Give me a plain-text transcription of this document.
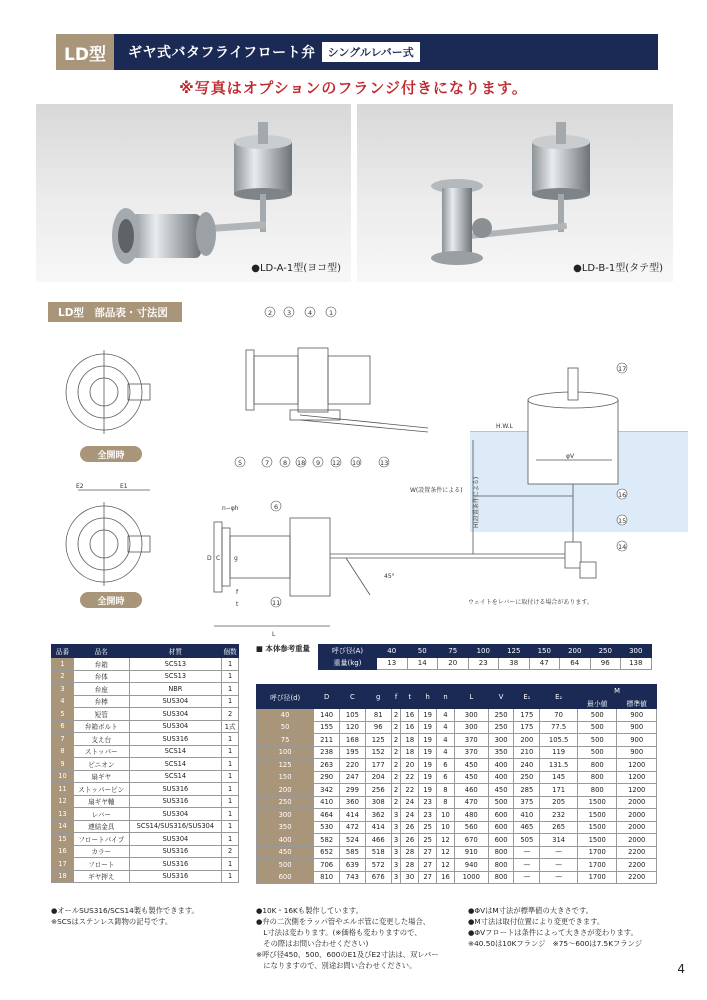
LD型	ギヤ式バタフライフロート弁	シングルレバー式
※写真はオプションのフランジ付きになります。
●LD-A-1型(ヨコ型)	●LD-B-1型(タテ型)
LD型　部品表・寸法図
E2	E1
n−φh
D C g
f
t
L
45°
W(設置条件による) H(設置条件による)
H.W.L
φV
ウェイトをレバーに取付ける場合があります。
2 3	4	1
5	7 8 18 9 12 10	13
17
16
15
14
6
11
全開時
全開時
品番	品名	材質	個数
1	弁箱	SCS13	1
2	弁体	SCS13	1
3	弁座	NBR	1
4	弁棒	SUS304	1
5	短管	SUS304	2
6	弁箱ボルト	SUS304	1式
7	支え台	SUS316	1
8	ストッパー	SCS14	1
9	ピニオン	SCS14	1
10	扇ギヤ	SCS14	1
11	ストッパーピン	SUS316	1
12	扇ギヤ軸	SUS316	1
13	レバー	SUS304	1
14	連結金具	SCS14/SUS316/SUS304	1
15	フロートパイプ	SUS304	1
16	カラー	SUS316	2
17	フロート	SUS316	1
18	ギヤ押え	SUS316	1
●オールSUS316/SCS14製も製作できます。
※SCSはステンレス鋳物の記号です。
■ 本体参考重量	呼び径(A)	40	50	75	100	125	150	200	250	300
重量(kg)	13	14	20	23	38	47	64	96	138
呼び径(d)	D	C	g	f	t	h	n	L	V	E₁	E₂	M	
												最小値	標準値
40	140	105	81	2	16	19	4	300	250	175	70	500	900
50	155	120	96	2	16	19	4	300	250	175	77.5	500	900
75	211	168	125	2	18	19	4	370	300	200	105.5	500	900
100	238	195	152	2	18	19	4	370	350	210	119	500	900
125	263	220	177	2	20	19	6	450	400	240	131.5	800	1200
150	290	247	204	2	22	19	6	450	400	250	145	800	1200
200	342	299	256	2	22	19	8	460	450	285	171	800	1200
250	410	360	308	2	24	23	8	470	500	375	205	1500	2000
300	464	414	362	3	24	23	10	480	600	410	232	1500	2000
350	530	472	414	3	26	25	10	560	600	465	265	1500	2000
400	582	524	466	3	26	25	12	670	600	505	314	1500	2000
450	652	585	518	3	28	27	12	910	800	—	—	1700	2200
500	706	639	572	3	28	27	12	940	800	—	—	1700	2200
600	810	743	676	3	30	27	16	1000	800	—	—	1700	2200
●10K・16Kも製作しています。
●弁の二次側をラッパ管やエルボ管に変更した場合、
　L寸法は変わります。(※価格も変わりますので、
　その際はお問い合わせください)
※呼び径450、500、600のE1及びE2寸法は、双レバー
　になりますので、別途お問い合わせください。
●ΦVはM寸法が標準値の大きさです。
●M寸法は取付位置により変更できます。
●ΦVフロートは条件によって大きさが変わります。
※40.50は10Kフランジ　※75〜600は7.5Kフランジ
4
